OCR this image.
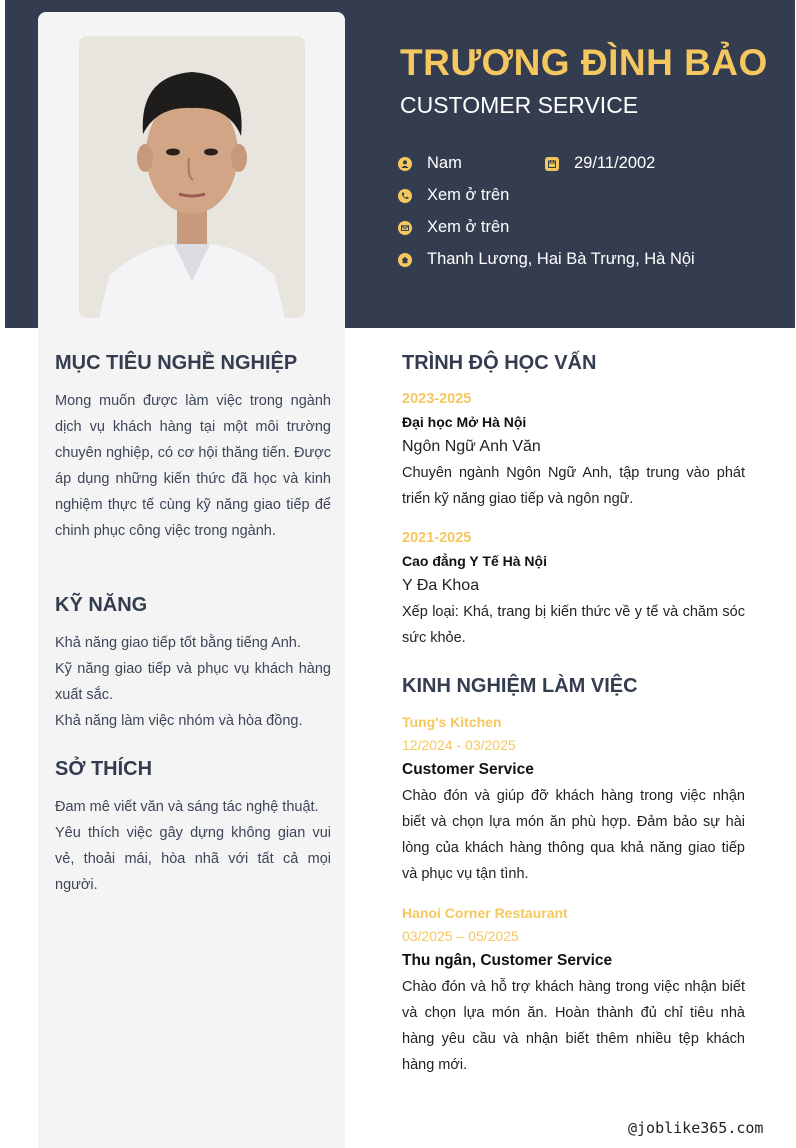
TRƯƠNG ĐÌNH BẢO
CUSTOMER SERVICE
Nam	29/11/2002
Xem ở trên
Xem ở trên
Thanh Lương, Hai Bà Trưng, Hà Nội
MỤC TIÊU NGHỀ NGHIỆP
Mong muốn được làm việc trong ngành dịch vụ khách hàng tại một môi trường chuyên nghiệp, có cơ hội thăng tiến. Được áp dụng những kiến thức đã học và kinh nghiệm thực tế cùng kỹ năng giao tiếp để chinh phục công việc trong ngành.
KỸ NĂNG
Khả năng giao tiếp tốt bằng tiếng Anh.
Kỹ năng giao tiếp và phục vụ khách hàng xuất sắc.
Khả năng làm việc nhóm và hòa đồng.
SỞ THÍCH
Đam mê viết văn và sáng tác nghệ thuật.
Yêu thích việc gây dựng không gian vui vẻ, thoải mái, hòa nhã với tất cả mọi người.
TRÌNH ĐỘ HỌC VẤN
2023-2025
Đại học Mở Hà Nội
Ngôn Ngữ Anh Văn
Chuyên ngành Ngôn Ngữ Anh, tập trung vào phát triển kỹ năng giao tiếp và ngôn ngữ.
2021-2025
Cao đẳng Y Tế Hà Nội
Y Đa Khoa
Xếp loại: Khá, trang bị kiến thức về y tế và chăm sóc sức khỏe.
KINH NGHIỆM LÀM VIỆC
Tung's Kitchen
12/2024 - 03/2025
Customer Service
Chào đón và giúp đỡ khách hàng trong việc nhận biết và chọn lựa món ăn phù hợp. Đảm bảo sự hài lòng của khách hàng thông qua khả năng giao tiếp và phục vụ tận tình.
Hanoi Corner Restaurant
03/2025 – 05/2025
Thu ngân, Customer Service
Chào đón và hỗ trợ khách hàng trong việc nhận biết và chọn lựa món ăn. Hoàn thành đủ chỉ tiêu nhà hàng yêu cầu và nhận biết thêm nhiều tệp khách hàng mới.
@joblike365.com
